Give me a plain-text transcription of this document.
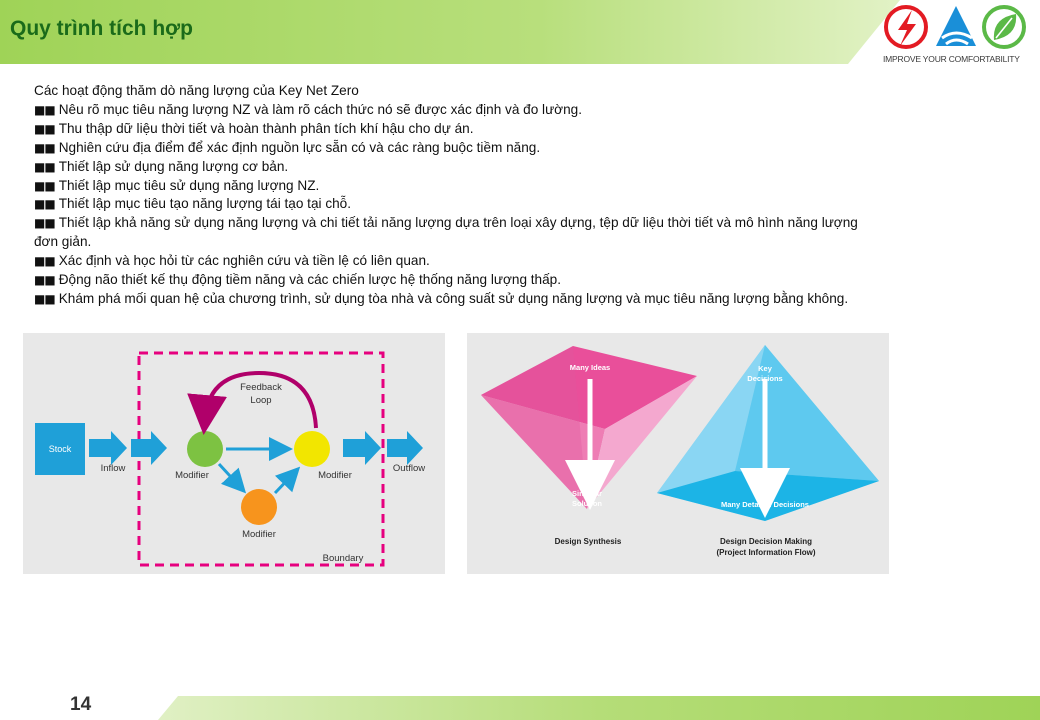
Quy trình tích hợp
IMPROVE YOUR COMFORTABILITY

Các hoạt động thăm dò năng lượng của Key Net Zero

■■ Nêu rõ mục tiêu năng lượng NZ và làm rõ cách thức nó sẽ được xác định và đo lường.

■■ Thu thập dữ liệu thời tiết và hoàn thành phân tích khí hậu cho dự án.

■■ Nghiên cứu địa điểm để xác định nguồn lực sẵn có và các ràng buộc tiềm năng.

■■ Thiết lập sử dụng năng lượng cơ bản.

■■ Thiết lập mục tiêu sử dụng năng lượng NZ.

■■ Thiết lập mục tiêu tạo năng lượng tái tạo tại chỗ.

■■ Thiết lập khả năng sử dụng năng lượng và chi tiết tải năng lượng dựa trên loại xây dựng, tệp dữ liệu thời tiết và mô hình năng lượng đơn giản.

■■ Xác định và học hỏi từ các nghiên cứu và tiền lệ có liên quan.

■■ Động não thiết kế thụ động tiềm năng và các chiến lược hệ thống năng lượng thấp.

■■ Khám phá mối quan hệ của chương trình, sử dụng tòa nhà và công suất sử dụng năng lượng và mục tiêu năng lượng bằng không.

Stock
Inflow	Outflow
Feedback
Loop
Modifier	Modifier
Modifier
Boundary
Many Ideas
Singular
Solution
Design Synthesis
Key
Decisions
Many Detailed Decisions
Design Decision Making
(Project Information Flow)
14
